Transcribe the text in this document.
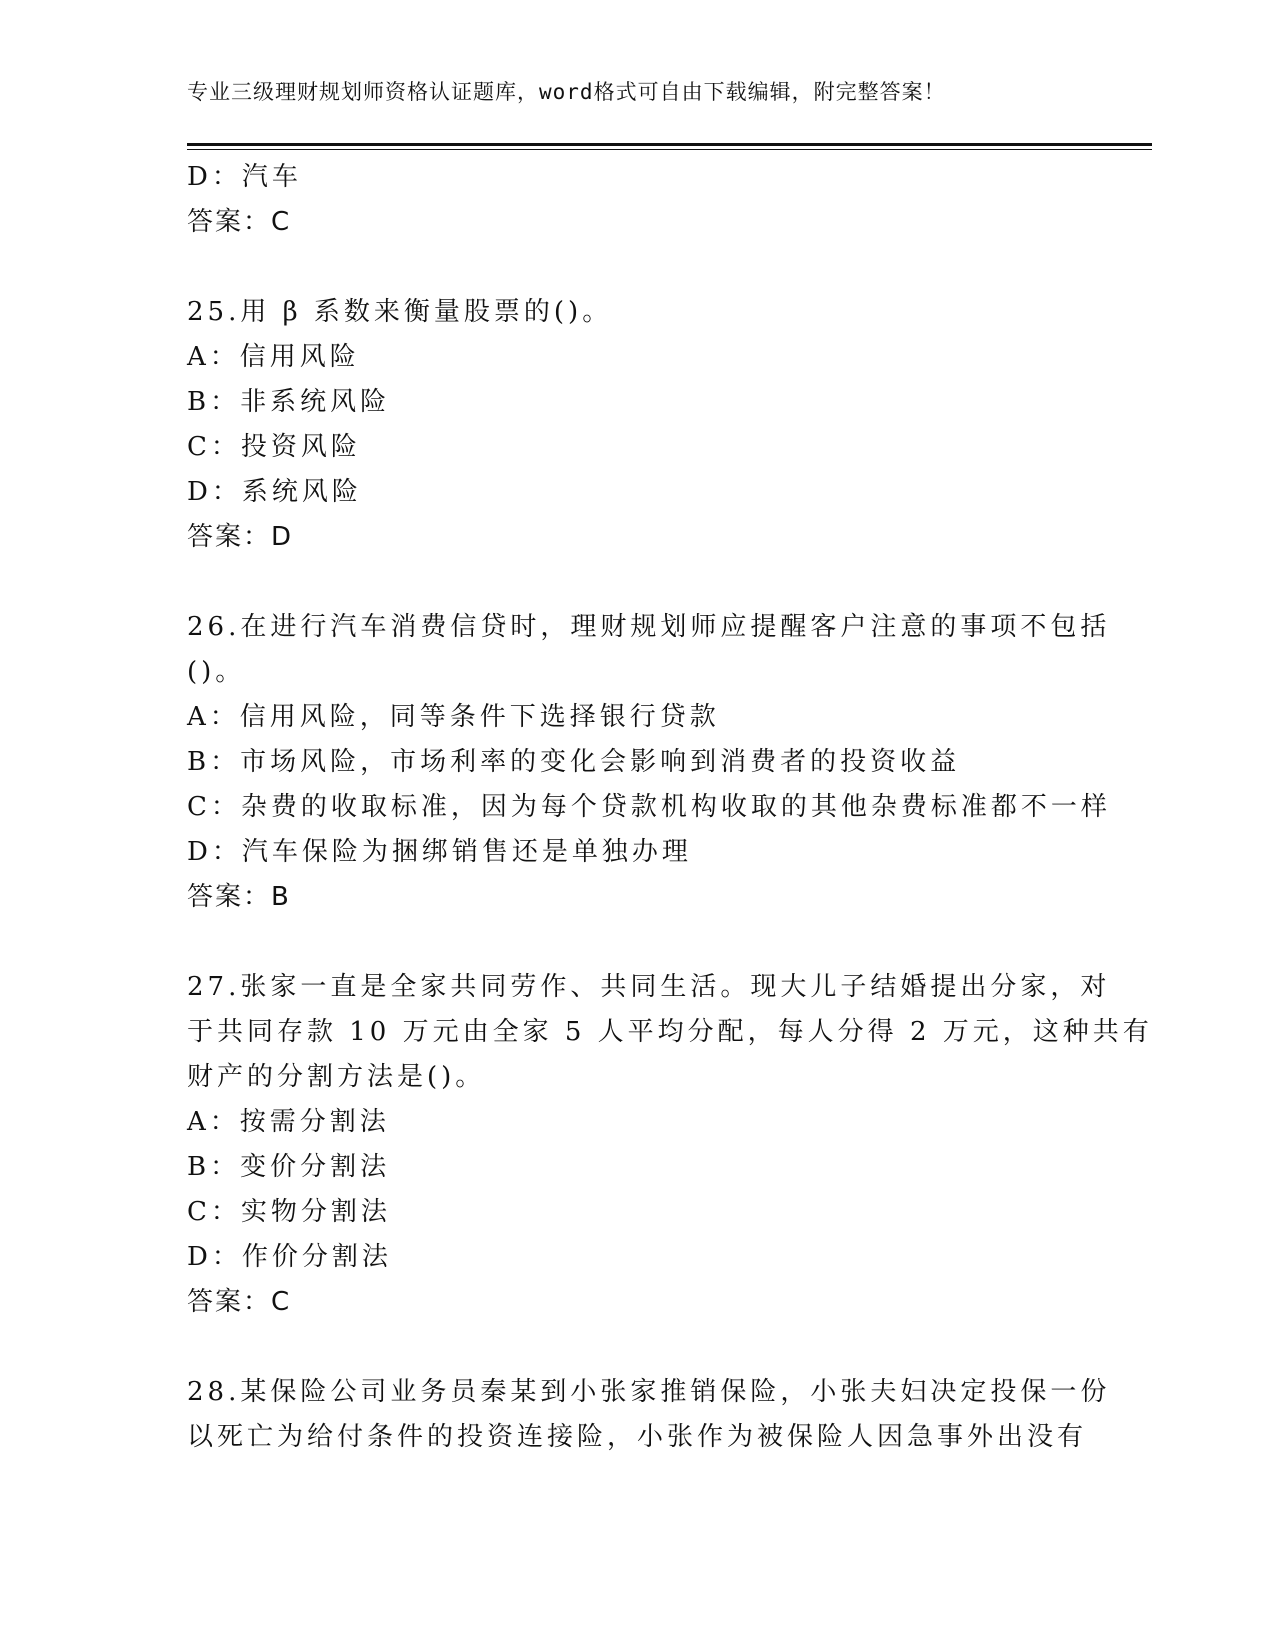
专业三级理财规划师资格认证题库，word格式可自由下载编辑，附完整答案！
D：汽车
答案：C
25.用 β 系数来衡量股票的()。
A：信用风险
B：非系统风险
C：投资风险
D：系统风险
答案：D
26.在进行汽车消费信贷时，理财规划师应提醒客户注意的事项不包括
()。
A：信用风险，同等条件下选择银行贷款
B：市场风险，市场利率的变化会影响到消费者的投资收益
C：杂费的收取标准，因为每个贷款机构收取的其他杂费标准都不一样
D：汽车保险为捆绑销售还是单独办理
答案：B
27.张家一直是全家共同劳作、共同生活。现大儿子结婚提出分家，对
于共同存款 10 万元由全家 5 人平均分配，每人分得 2 万元，这种共有
财产的分割方法是()。
A：按需分割法
B：变价分割法
C：实物分割法
D：作价分割法
答案：C
28.某保险公司业务员秦某到小张家推销保险，小张夫妇决定投保一份
以死亡为给付条件的投资连接险，小张作为被保险人因急事外出没有
